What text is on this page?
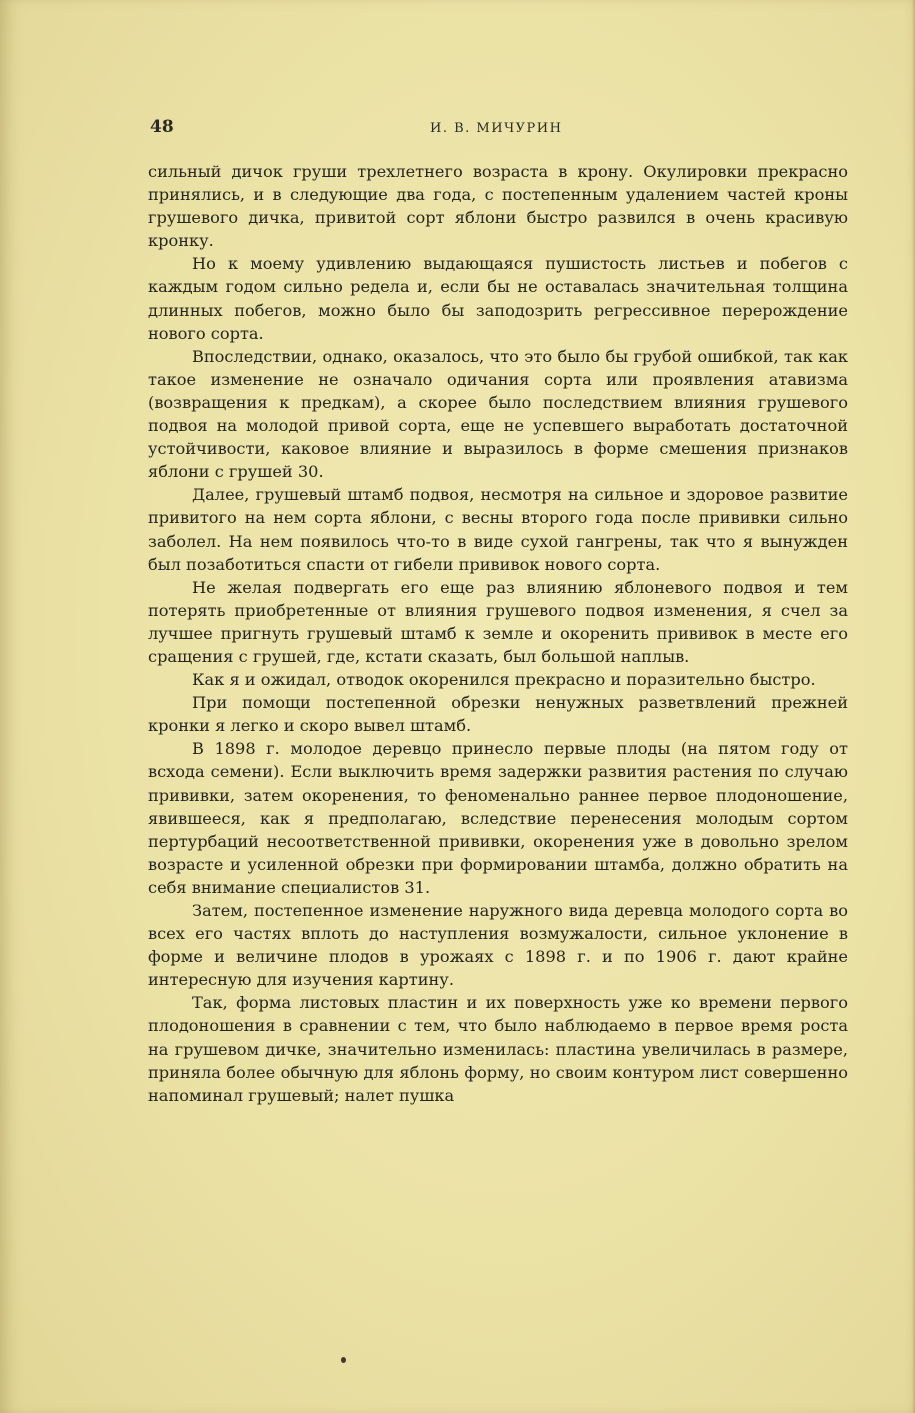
48	И. В. МИЧУРИН

сильный дичок груши трехлетнего возраста в крону. Окулировки прекрасно принялись, и в следующие два года, с постепенным удалением частей кроны грушевого дичка, привитой сорт яблони быстро развился в очень красивую кронку.

Но к моему удивлению выдающаяся пушистость листьев и побегов с каждым годом сильно редела и, если бы не оставалась значительная толщина длинных побегов, можно было бы заподозрить регрессивное перерождение нового сорта.

Впоследствии, однако, оказалось, что это было бы грубой ошибкой, так как такое изменение не означало одичания сорта или проявления атавизма (возвращения к предкам), а скорее было последствием влияния грушевого подвоя на молодой привой сорта, еще не успевшего выработать достаточной устойчивости, каковое влияние и выразилось в форме смешения признаков яблони с грушей 30.

Далее, грушевый штамб подвоя, несмотря на сильное и здоровое развитие привитого на нем сорта яблони, с весны второго года после прививки сильно заболел. На нем появилось что-то в виде сухой гангрены, так что я вынужден был позаботиться спасти от гибели прививок нового сорта.

Не желая подвергать его еще раз влиянию яблоневого подвоя и тем потерять приобретенные от влияния грушевого подвоя изменения, я счел за лучшее пригнуть грушевый штамб к земле и окоренить прививок в месте его сращения с грушей, где, кстати сказать, был большой наплыв.

Как я и ожидал, отводок окоренился прекрасно и поразительно быстро.

При помощи постепенной обрезки ненужных разветвлений прежней кронки я легко и скоро вывел штамб.

В 1898 г. молодое деревцо принесло первые плоды (на пятом году от всхода семени). Если выключить время задержки развития растения по случаю прививки, затем окоренения, то феноменально раннее первое плодоношение, явившееся, как я предполагаю, вследствие перенесения молодым сортом пертурбаций несоответственной прививки, окоренения уже в довольно зрелом возрасте и усиленной обрезки при формировании штамба, должно обратить на себя внимание специалистов 31.

Затем, постепенное изменение наружного вида деревца молодого сорта во всех его частях вплоть до наступления возмужалости, сильное уклонение в форме и величине плодов в урожаях с 1898 г. и по 1906 г. дают крайне интересную для изучения картину.

Так, форма листовых пластин и их поверхность уже ко времени первого плодоношения в сравнении с тем, что было наблюдаемо в первое время роста на грушевом дичке, значительно изменилась: пластина увеличилась в размере, приняла более обычную для яблонь форму, но своим контуром лист совершенно напоминал грушевый; налет пушка
